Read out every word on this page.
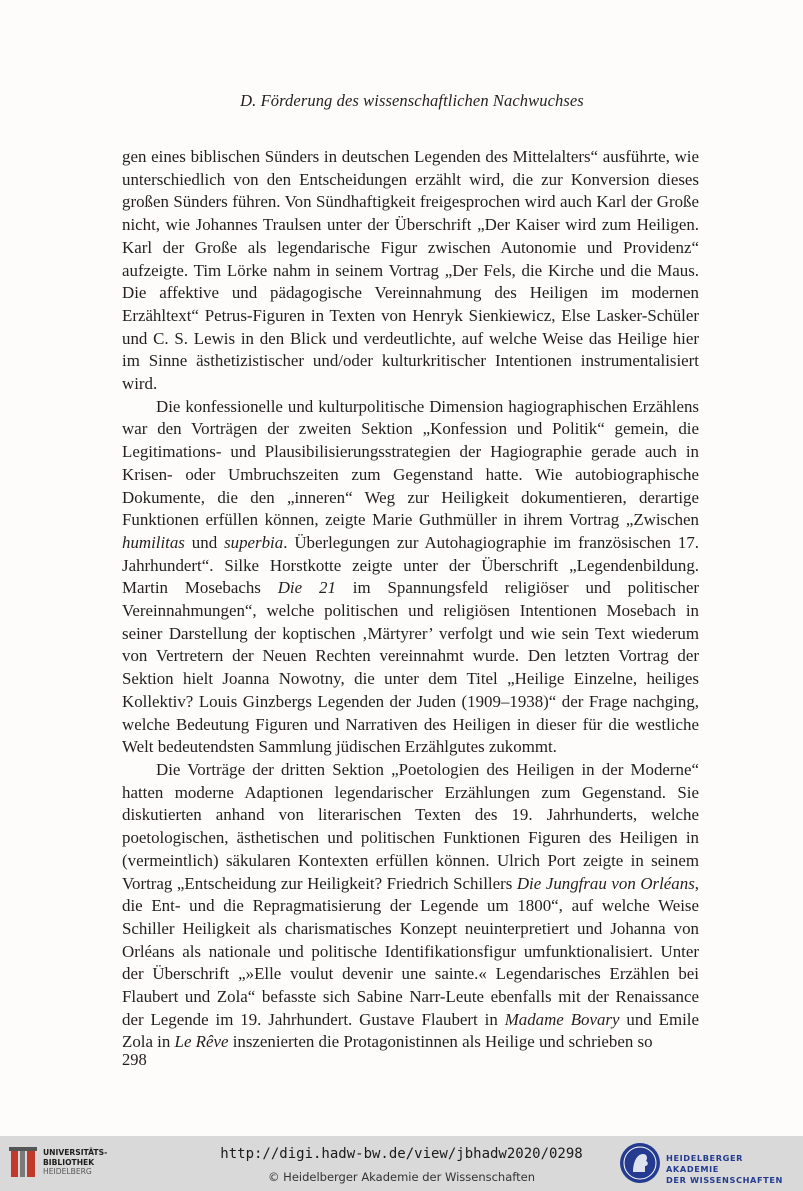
D. Förderung des wissenschaftlichen Nachwuchses

gen eines biblischen Sünders in deutschen Legenden des Mittelalters“ ausführte, wie unterschiedlich von den Entscheidungen erzählt wird, die zur Konversion dieses großen Sünders führen. Von Sündhaftigkeit freigesprochen wird auch Karl der Große nicht, wie Johannes Traulsen unter der Überschrift „Der Kaiser wird zum Heiligen. Karl der Große als legendarische Figur zwischen Autonomie und Providenz“ aufzeigte. Tim Lörke nahm in seinem Vortrag „Der Fels, die Kirche und die Maus. Die affektive und pädagogische Vereinnahmung des Heiligen im modernen Erzähltext“ Petrus-Figuren in Texten von Henryk Sienkiewicz, Else Lasker-Schüler und C. S. Lewis in den Blick und verdeutlichte, auf welche Weise das Heilige hier im Sinne ästhetizistischer und/oder kulturkritischer Intentionen instrumentalisiert wird.

Die konfessionelle und kulturpolitische Dimension hagiographischen Erzählens war den Vorträgen der zweiten Sektion „Konfession und Politik“ gemein, die Legitimations- und Plausibilisierungsstrategien der Hagiographie gerade auch in Krisen- oder Umbruchszeiten zum Gegenstand hatte. Wie autobiographische Dokumente, die den „inneren“ Weg zur Heiligkeit dokumentieren, derartige Funktionen erfüllen können, zeigte Marie Guthmüller in ihrem Vortrag „Zwischen humilitas und superbia. Überlegungen zur Autohagiographie im französischen 17. Jahrhundert“. Silke Horstkotte zeigte unter der Überschrift „Legendenbildung. Martin Mosebachs Die 21 im Spannungsfeld religiöser und politischer Vereinnahmungen“, welche politischen und religiösen Intentionen Mosebach in seiner Darstellung der koptischen ‚Märtyrer’ verfolgt und wie sein Text wiederum von Vertretern der Neuen Rechten vereinnahmt wurde. Den letzten Vortrag der Sektion hielt Joanna Nowotny, die unter dem Titel „Heilige Einzelne, heiliges Kollektiv? Louis Ginzbergs Legenden der Juden (1909–1938)“ der Frage nachging, welche Bedeutung Figuren und Narrativen des Heiligen in dieser für die westliche Welt bedeutendsten Sammlung jüdischen Erzählgutes zukommt.

Die Vorträge der dritten Sektion „Poetologien des Heiligen in der Moderne“ hatten moderne Adaptionen legendarischer Erzählungen zum Gegenstand. Sie diskutierten anhand von literarischen Texten des 19. Jahrhunderts, welche poetologischen, ästhetischen und politischen Funktionen Figuren des Heiligen in (vermeintlich) säkularen Kontexten erfüllen können. Ulrich Port zeigte in seinem Vortrag „Entscheidung zur Heiligkeit? Friedrich Schillers Die Jungfrau von Orléans, die Ent- und die Repragmatisierung der Legende um 1800“, auf welche Weise Schiller Heiligkeit als charismatisches Konzept neuinterpretiert und Johanna von Orléans als nationale und politische Identifikationsfigur umfunktionalisiert. Unter der Überschrift „»Elle voulut devenir une sainte.« Legendarisches Erzählen bei Flaubert und Zola“ befasste sich Sabine Narr-Leute ebenfalls mit der Renaissance der Legende im 19. Jahrhundert. Gustave Flaubert in Madame Bovary und Emile Zola in Le Rêve inszenierten die Protagonistinnen als Heilige und schrieben so

298
UNIVERSITÄTS-
BIBLIOTHEK
HEIDELBERG
http://digi.hadw-bw.de/view/jbhadw2020/0298
© Heidelberger Akademie der Wissenschaften
HEIDELBERGER AKADEMIE
DER WISSENSCHAFTEN
